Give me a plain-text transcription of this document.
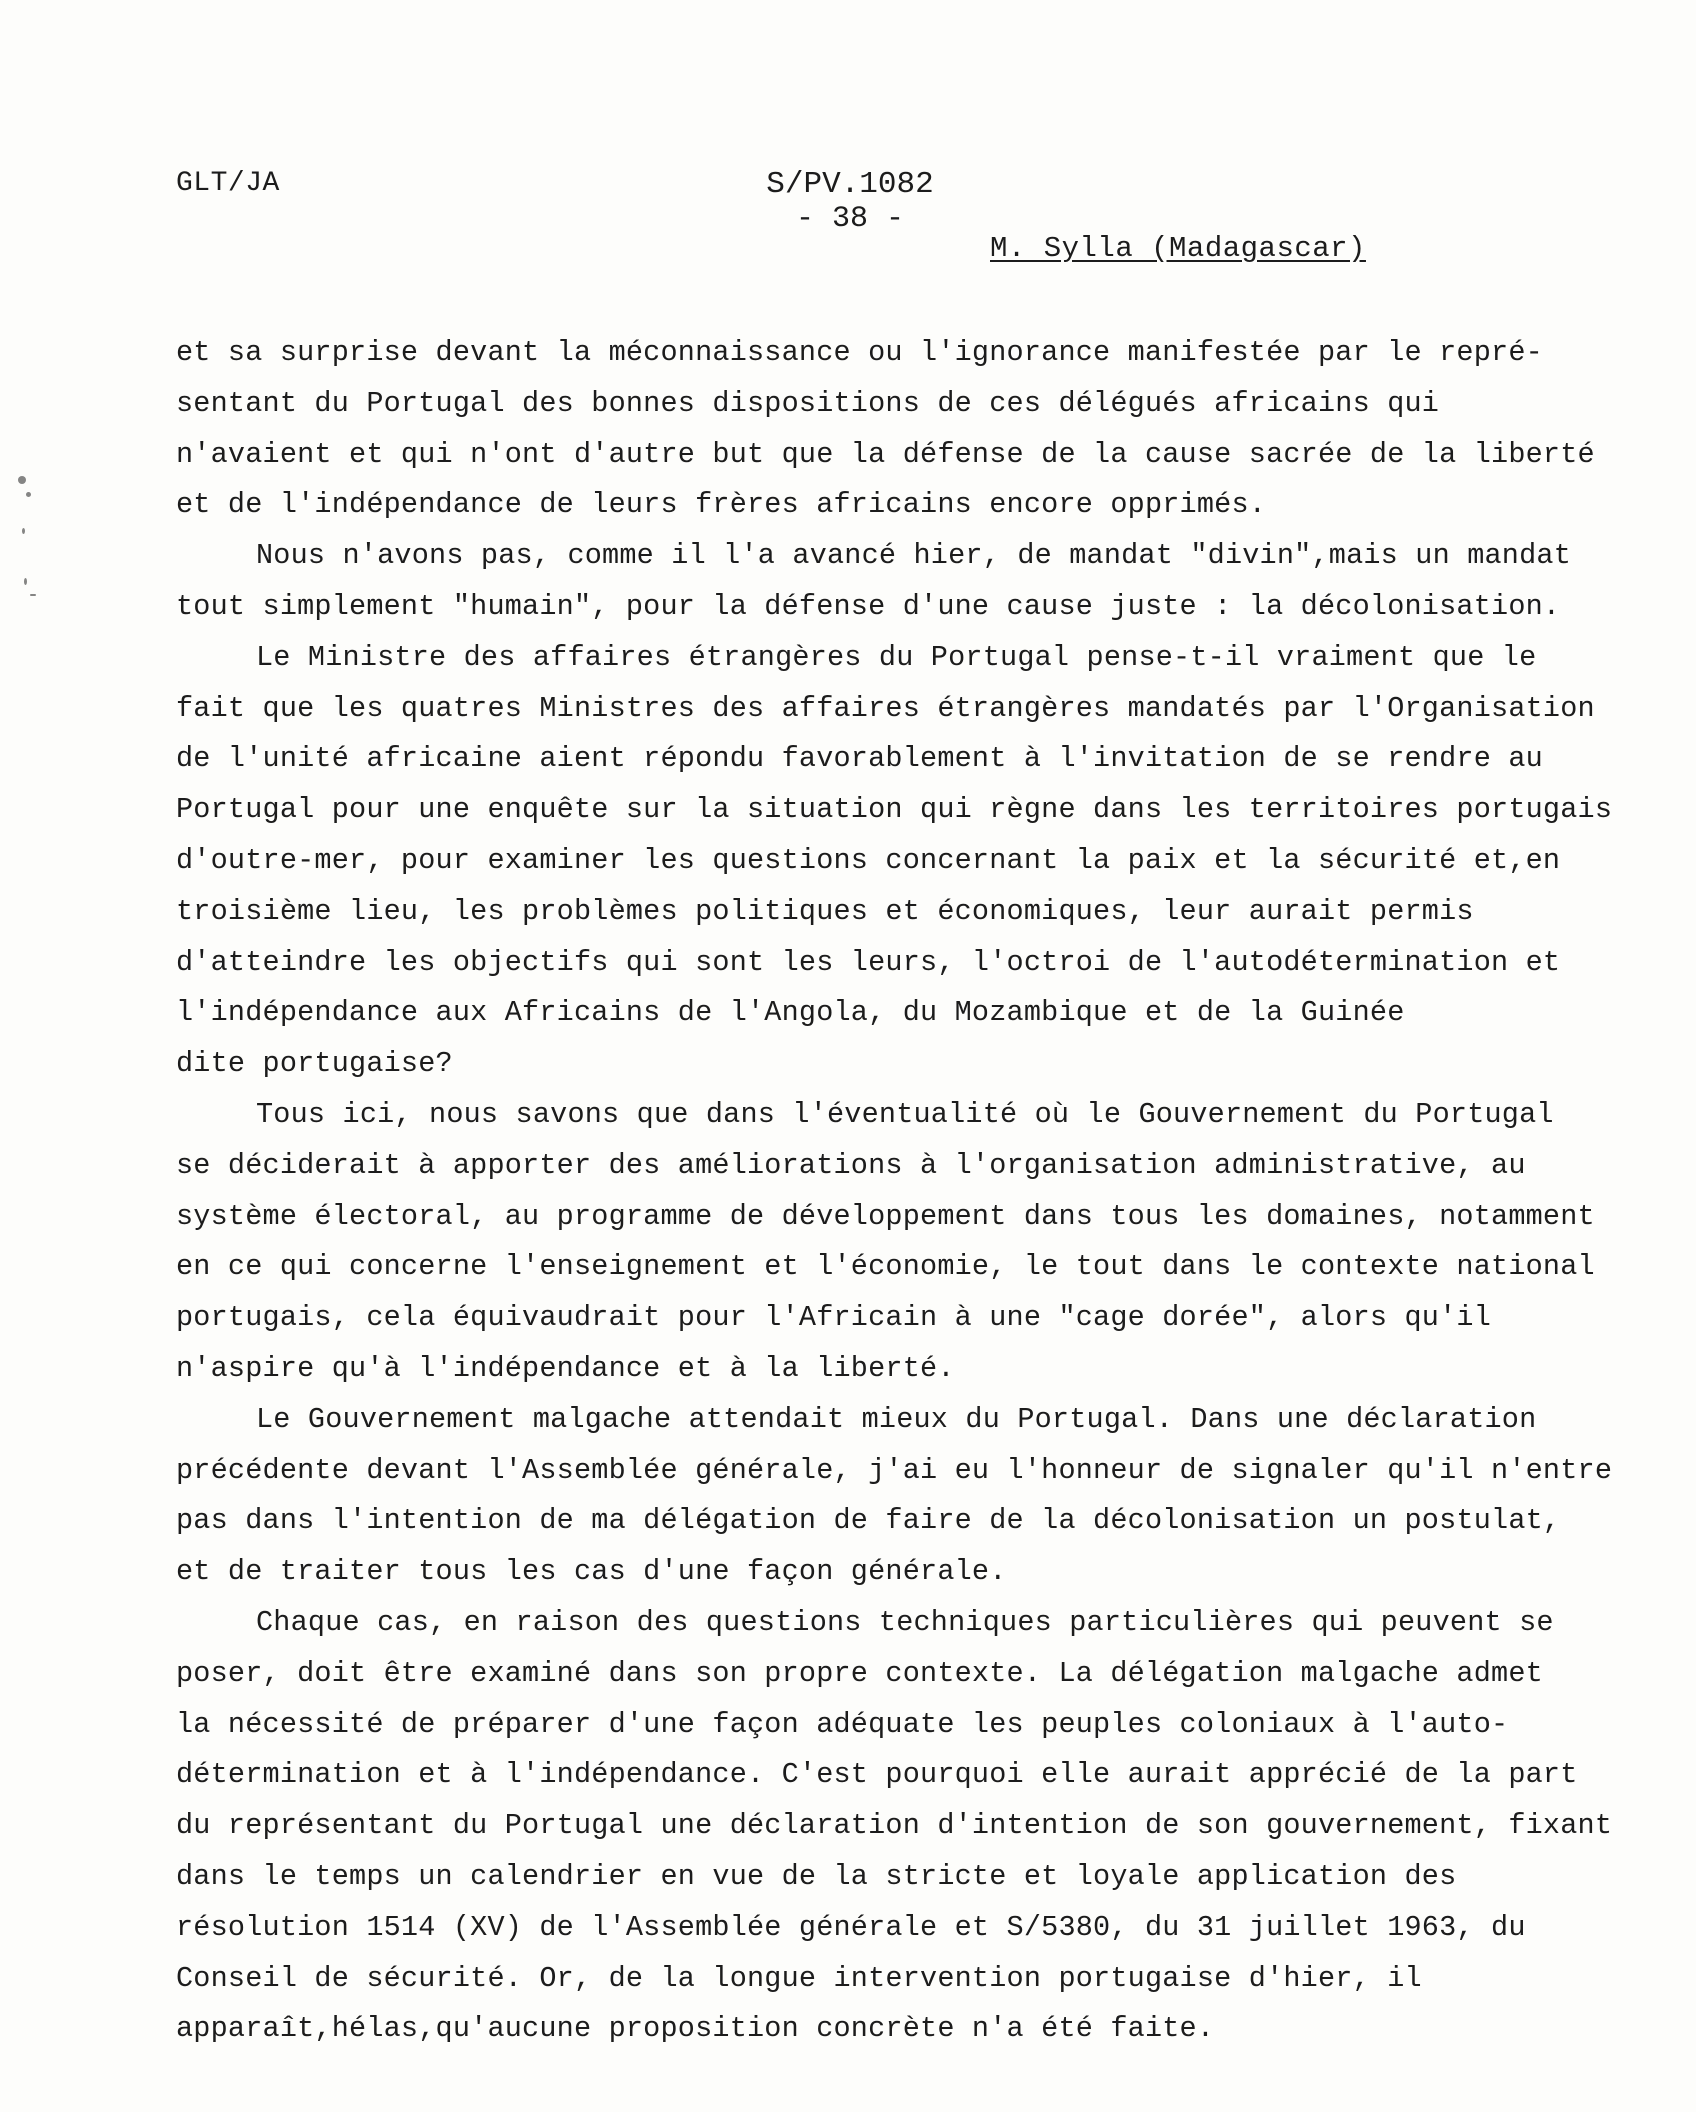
GLT/JA	S/PV.1082
- 38 -
M. Sylla (Madagascar)
et sa surprise devant la méconnaissance ou l'ignorance manifestée par le repré-
sentant du Portugal des bonnes dispositions de ces délégués africains qui
n'avaient et qui n'ont d'autre but que la défense de la cause sacrée de la liberté
et de l'indépendance de leurs frères africains encore opprimés.
Nous n'avons pas, comme il l'a avancé hier, de mandat "divin",mais un mandat
tout simplement "humain", pour la défense d'une cause juste : la décolonisation.
Le Ministre des affaires étrangères du Portugal pense-t-il vraiment que le
fait que les quatres Ministres des affaires étrangères mandatés par l'Organisation
de l'unité africaine aient répondu favorablement à l'invitation de se rendre au
Portugal pour une enquête sur la situation qui règne dans les territoires portugais
d'outre-mer, pour examiner les questions concernant la paix et la sécurité et,en
troisième lieu, les problèmes politiques et économiques, leur aurait permis
d'atteindre les objectifs qui sont les leurs, l'octroi de l'autodétermination et
l'indépendance aux Africains de l'Angola, du Mozambique et de la Guinée
dite portugaise?
Tous ici, nous savons que dans l'éventualité où le Gouvernement du Portugal
se déciderait à apporter des améliorations à l'organisation administrative, au
système électoral, au programme de développement dans tous les domaines, notamment
en ce qui concerne l'enseignement et l'économie, le tout dans le contexte national
portugais, cela équivaudrait pour l'Africain à une "cage dorée", alors qu'il
n'aspire qu'à l'indépendance et à la liberté.
Le Gouvernement malgache attendait mieux du Portugal. Dans une déclaration
précédente devant l'Assemblée générale, j'ai eu l'honneur de signaler qu'il n'entre
pas dans l'intention de ma délégation de faire de la décolonisation un postulat,
et de traiter tous les cas d'une façon générale.
Chaque cas, en raison des questions techniques particulières qui peuvent se
poser, doit être examiné dans son propre contexte. La délégation malgache admet
la nécessité de préparer d'une façon adéquate les peuples coloniaux à l'auto-
détermination et à l'indépendance. C'est pourquoi elle aurait apprécié de la part
du représentant du Portugal une déclaration d'intention de son gouvernement, fixant
dans le temps un calendrier en vue de la stricte et loyale application des
résolution 1514 (XV) de l'Assemblée générale et S/5380, du 31 juillet 1963, du
Conseil de sécurité. Or, de la longue intervention portugaise d'hier, il
apparaît,hélas,qu'aucune proposition concrète n'a été faite.
